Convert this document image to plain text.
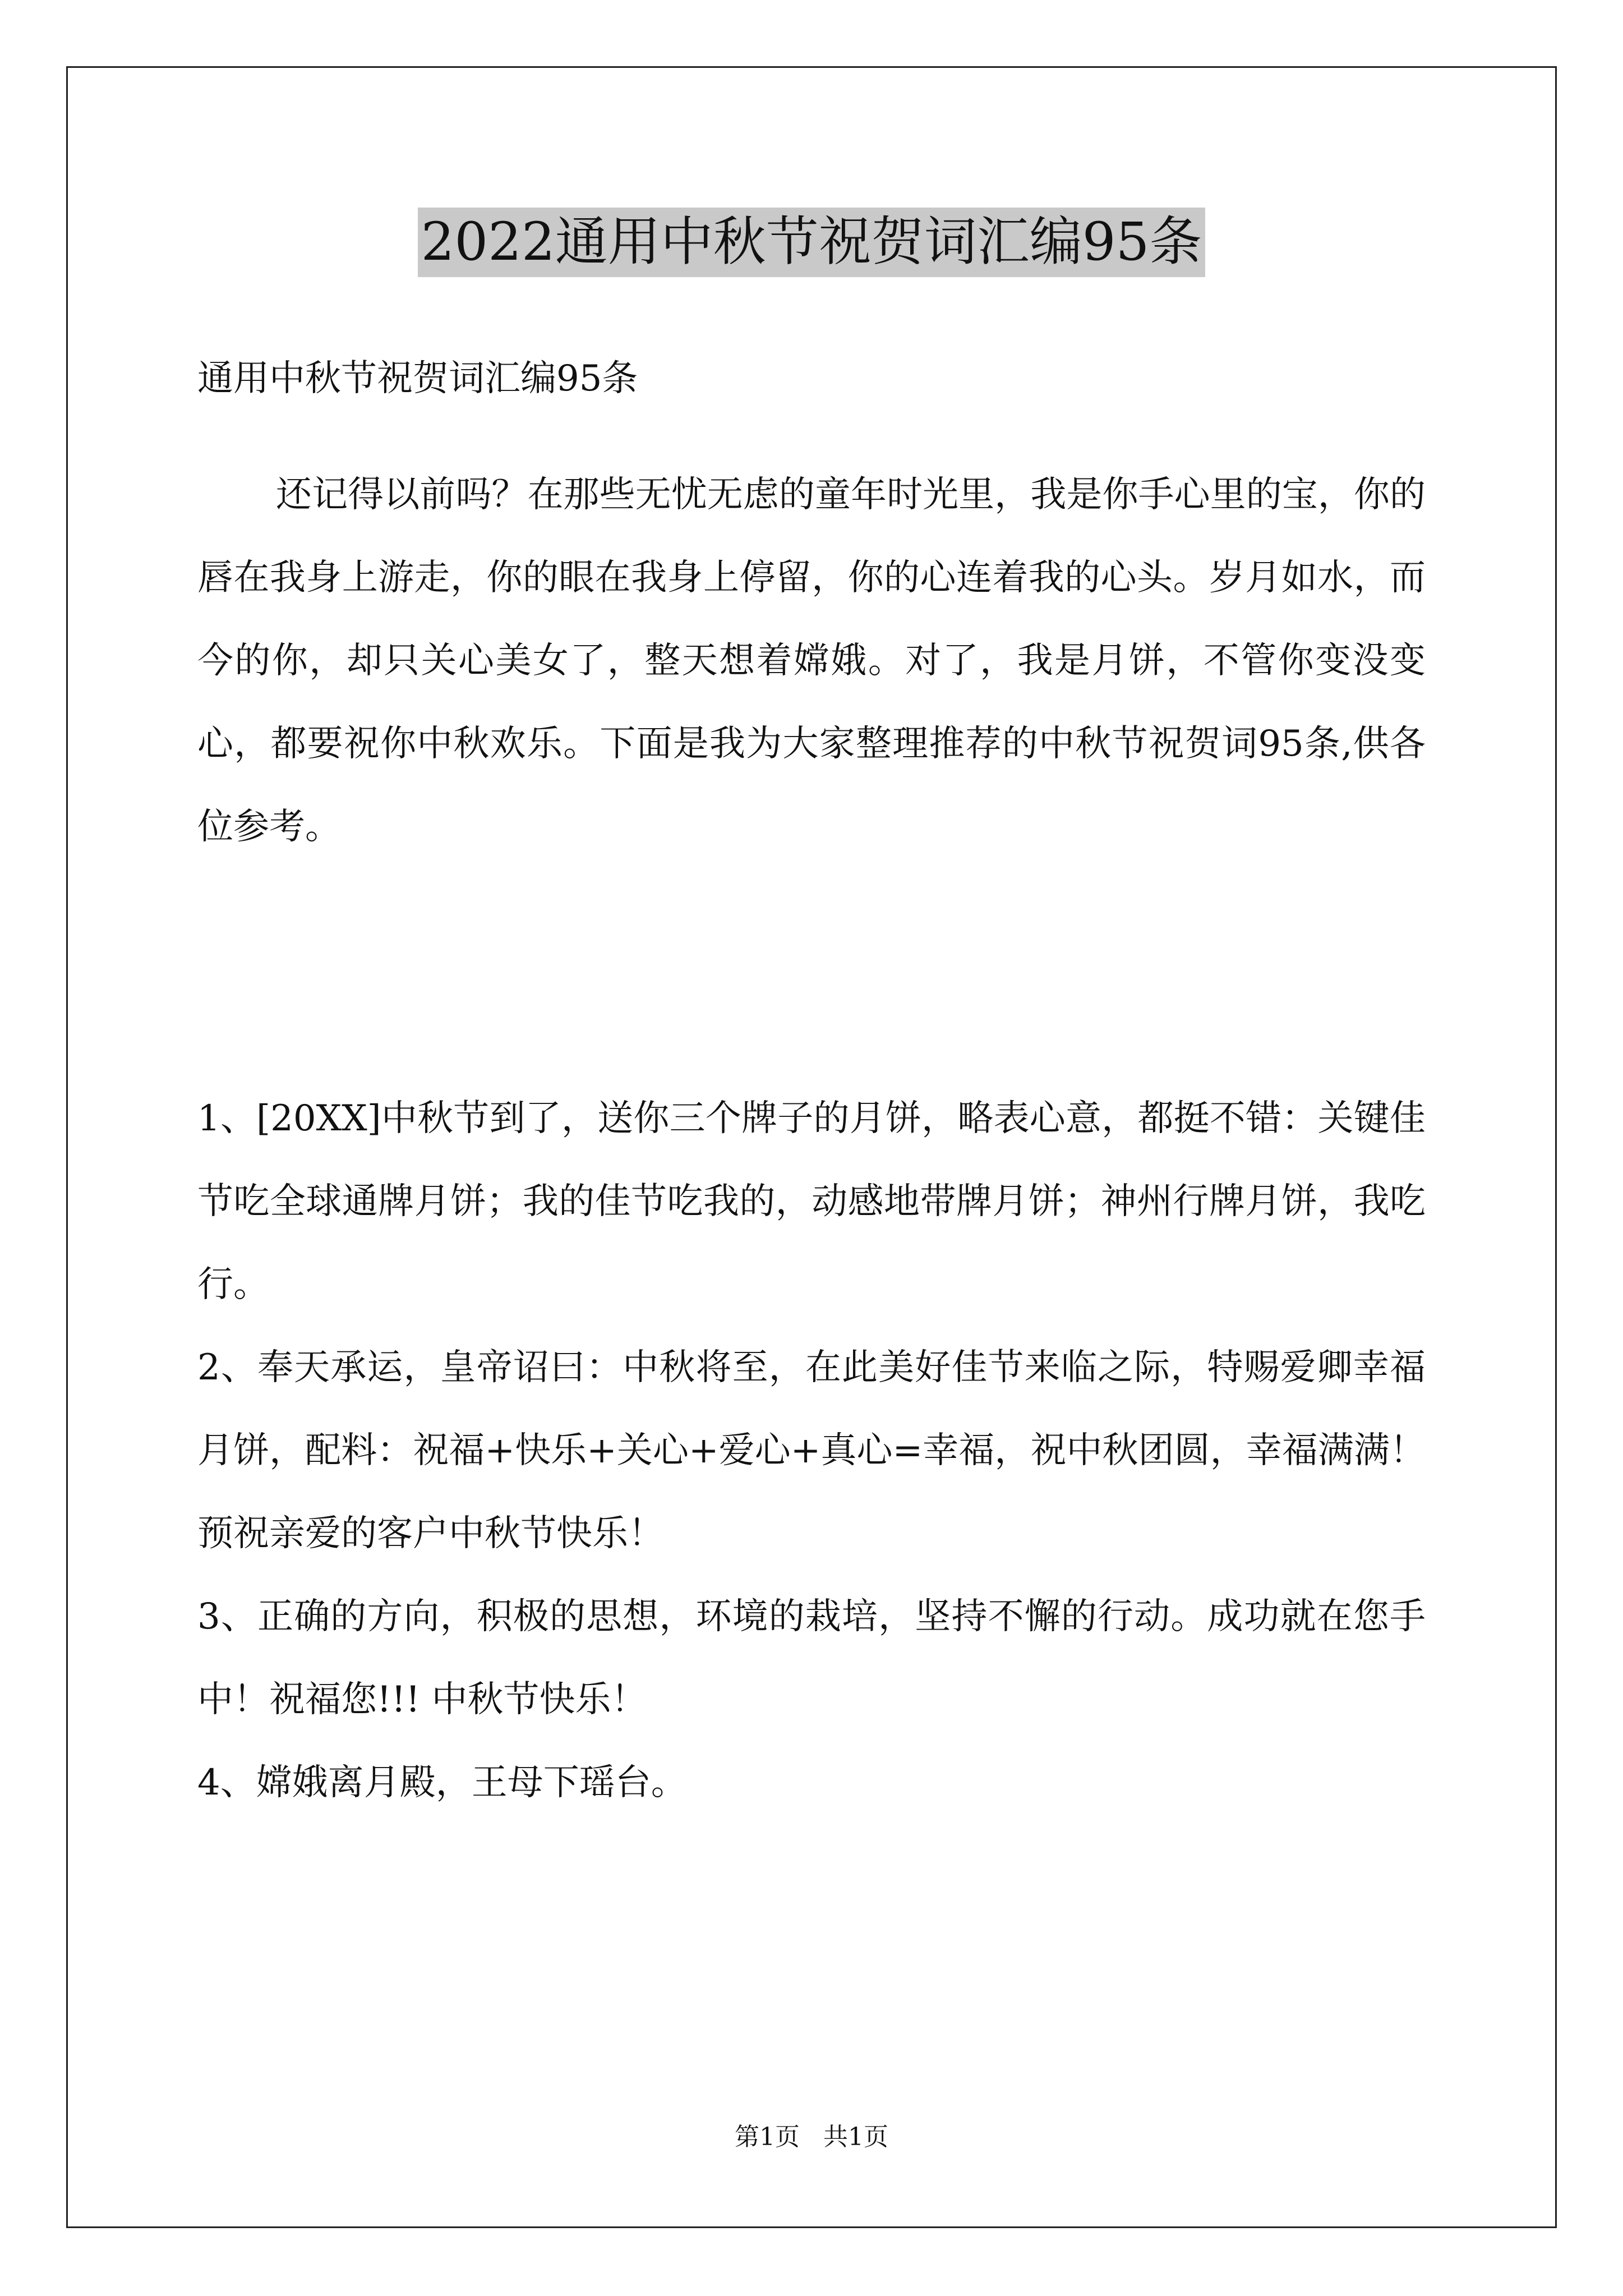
2022通用中秋节祝贺词汇编95条
通用中秋节祝贺词汇编95条

还记得以前吗？在那些无忧无虑的童年时光里，我是你手心里的宝，你的唇在我身上游走，你的眼在我身上停留，你的心连着我的心头。岁月如水，而今的你，却只关心美女了，整天想着嫦娥。对了，我是月饼，不管你变没变心，都要祝你中秋欢乐。下面是我为大家整理推荐的中秋节祝贺词95条,供各位参考。

1、[20XX]中秋节到了，送你三个牌子的月饼，略表心意，都挺不错：关键佳节吃全球通牌月饼；我的佳节吃我的，动感地带牌月饼；神州行牌月饼，我吃行。

2、奉天承运，皇帝诏曰：中秋将至，在此美好佳节来临之际，特赐爱卿幸福月饼，配料：祝福+快乐+关心+爱心+真心=幸福，祝中秋团圆，幸福满满！预祝亲爱的客户中秋节快乐！

3、正确的方向，积极的思想，环境的栽培，坚持不懈的行动。成功就在您手中！祝福您!!! 中秋节快乐！

4、嫦娥离月殿，王母下瑶台。

第1页   共1页
